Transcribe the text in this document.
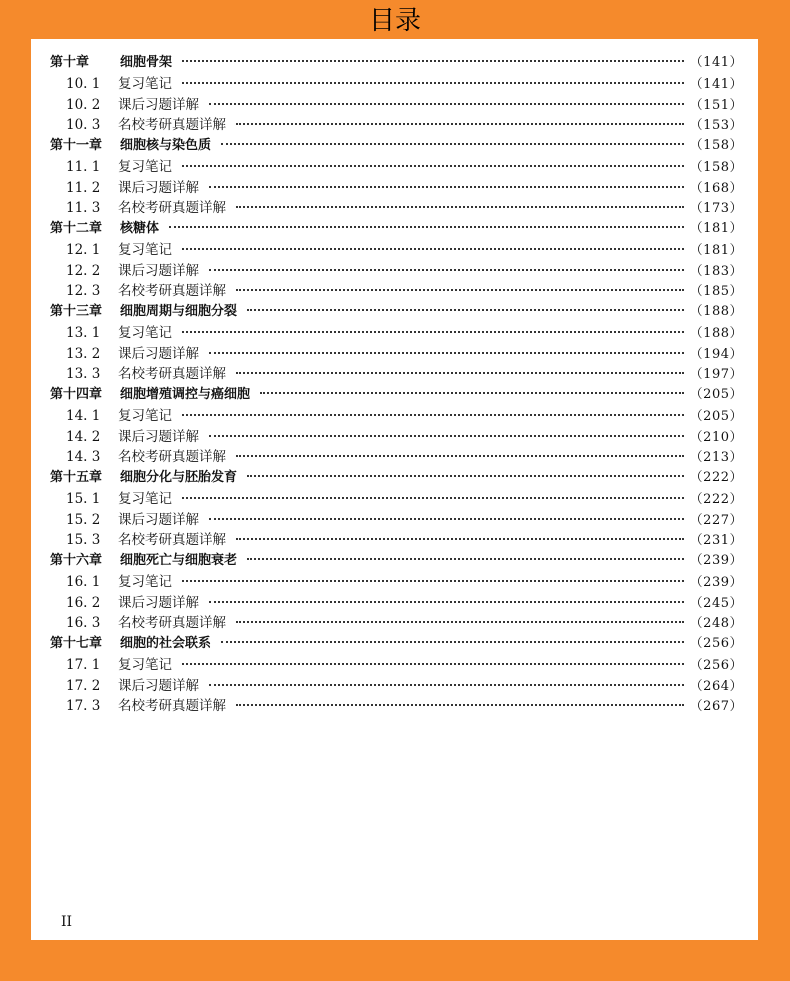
目录
第十章	细胞骨架	（141）
10. 1	复习笔记	（141）
10. 2	课后习题详解	（151）
10. 3	名校考研真题详解	（153）
第十一章	细胞核与染色质	（158）
11. 1	复习笔记	（158）
11. 2	课后习题详解	（168）
11. 3	名校考研真题详解	（173）
第十二章	核糖体	（181）
12. 1	复习笔记	（181）
12. 2	课后习题详解	（183）
12. 3	名校考研真题详解	（185）
第十三章	细胞周期与细胞分裂	（188）
13. 1	复习笔记	（188）
13. 2	课后习题详解	（194）
13. 3	名校考研真题详解	（197）
第十四章	细胞增殖调控与癌细胞	（205）
14. 1	复习笔记	（205）
14. 2	课后习题详解	（210）
14. 3	名校考研真题详解	（213）
第十五章	细胞分化与胚胎发育	（222）
15. 1	复习笔记	（222）
15. 2	课后习题详解	（227）
15. 3	名校考研真题详解	（231）
第十六章	细胞死亡与细胞衰老	（239）
16. 1	复习笔记	（239）
16. 2	课后习题详解	（245）
16. 3	名校考研真题详解	（248）
第十七章	细胞的社会联系	（256）
17. 1	复习笔记	（256）
17. 2	课后习题详解	（264）
17. 3	名校考研真题详解	（267）
II
